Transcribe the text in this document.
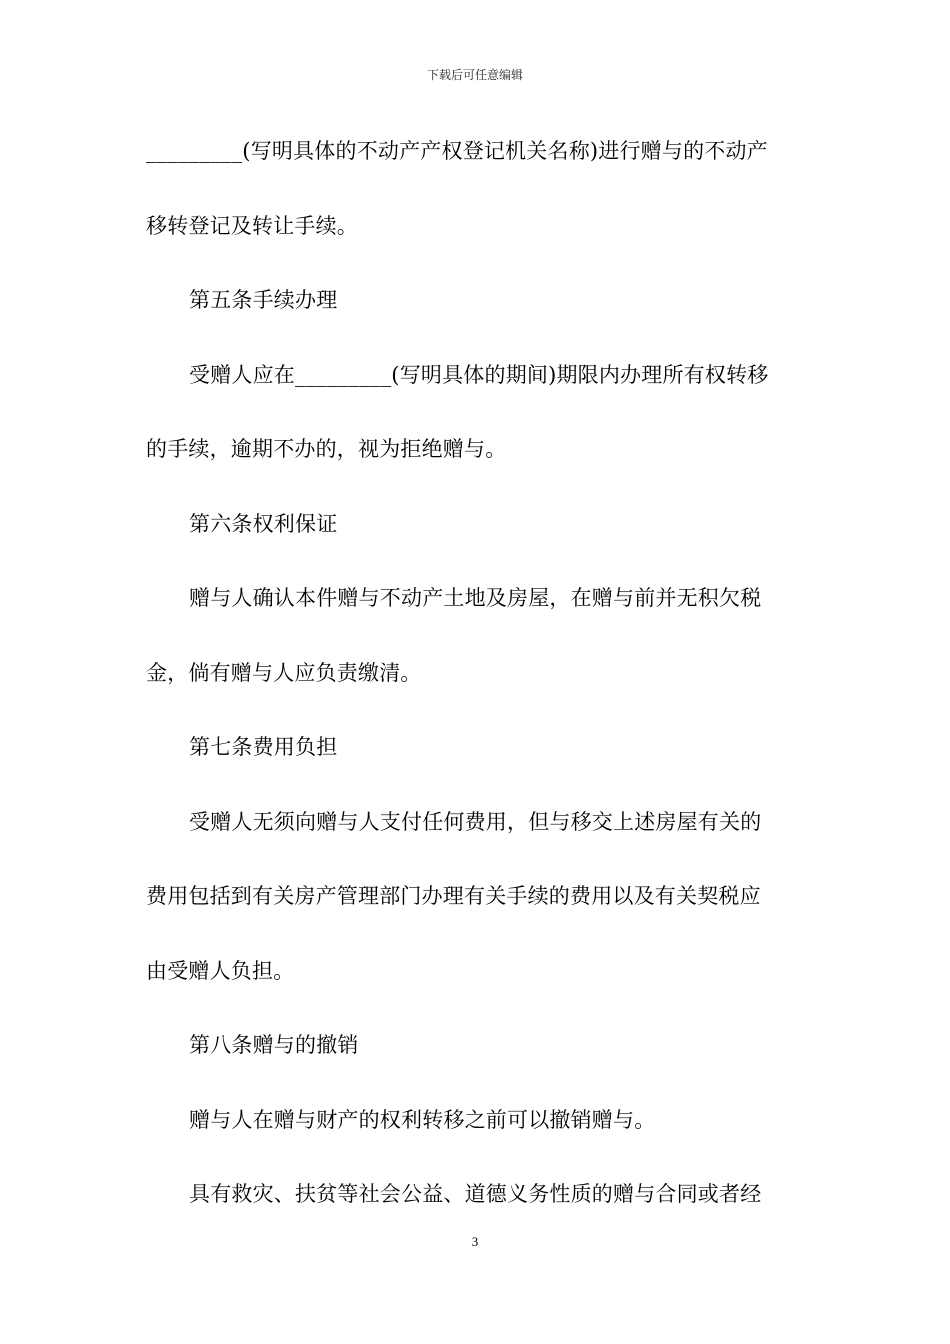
下载后可任意编辑
_________(写明具体的不动产产权登记机关名称)进行赠与的不动产
移转登记及转让手续。
第五条手续办理
受赠人应在_________(写明具体的期间)期限内办理所有权转移
的手续，逾期不办的，视为拒绝赠与。
第六条权利保证
赠与人确认本件赠与不动产土地及房屋，在赠与前并无积欠税
金，倘有赠与人应负责缴清。
第七条费用负担
受赠人无须向赠与人支付任何费用，但与移交上述房屋有关的
费用包括到有关房产管理部门办理有关手续的费用以及有关契税应
由受赠人负担。
第八条赠与的撤销
赠与人在赠与财产的权利转移之前可以撤销赠与。
具有救灾、扶贫等社会公益、道德义务性质的赠与合同或者经
3
